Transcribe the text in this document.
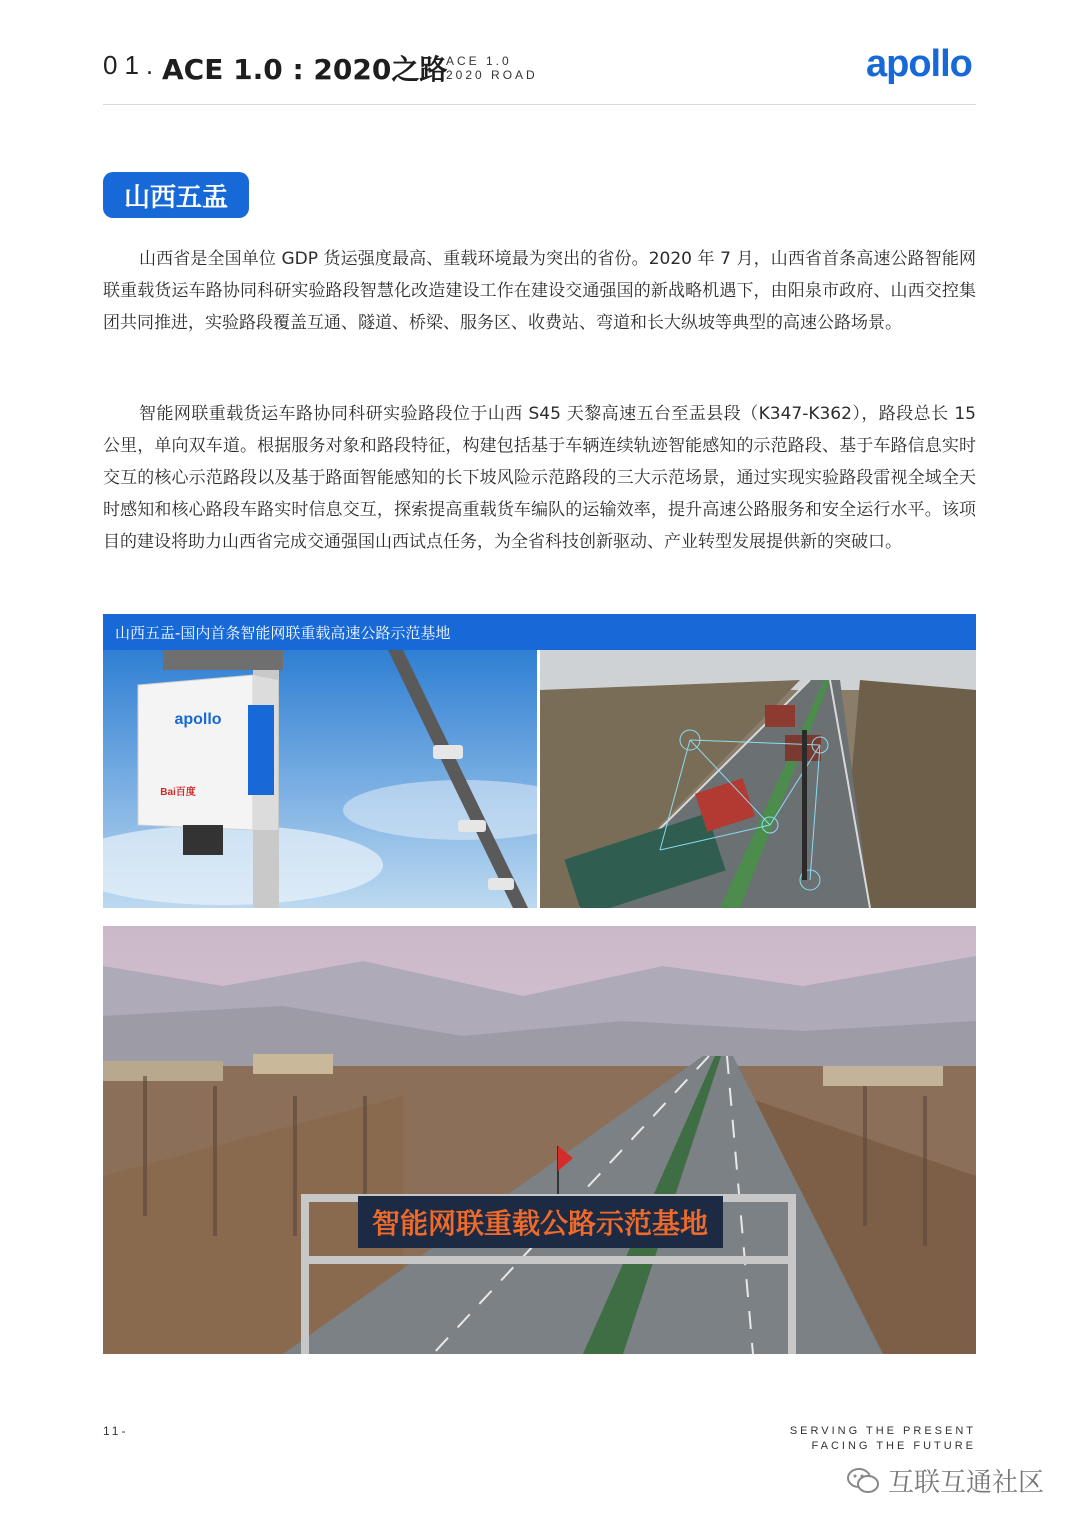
01. ACE 1.0 : 2020之路
ACE 1.0
2020 ROAD	apollo
山西五盂
山西省是全国单位 GDP 货运强度最高、重载环境最为突出的省份。2020 年 7 月，山西省首条高速公路智能网联重载货运车路协同科研实验路段智慧化改造建设工作在建设交通强国的新战略机遇下，由阳泉市政府、山西交控集团共同推进，实验路段覆盖互通、隧道、桥梁、服务区、收费站、弯道和长大纵坡等典型的高速公路场景。
智能网联重载货运车路协同科研实验路段位于山西 S45 天黎高速五台至盂县段（K347-K362），路段总长 15 公里，单向双车道。根据服务对象和路段特征，构建包括基于车辆连续轨迹智能感知的示范路段、基于车路信息实时交互的核心示范路段以及基于路面智能感知的长下坡风险示范路段的三大示范场景，通过实现实验路段雷视全域全天时感知和核心路段车路实时信息交互，探索提高重载货车编队的运输效率，提升高速公路服务和安全运行水平。该项目的建设将助力山西省完成交通强国山西试点任务，为全省科技创新驱动、产业转型发展提供新的突破口。
山西五盂-国内首条智能网联重载高速公路示范基地
apollo
Bai百度
智能网联重载公路示范基地
11-	SERVING THE PRESENT
FACING THE FUTURE
互联互通社区
